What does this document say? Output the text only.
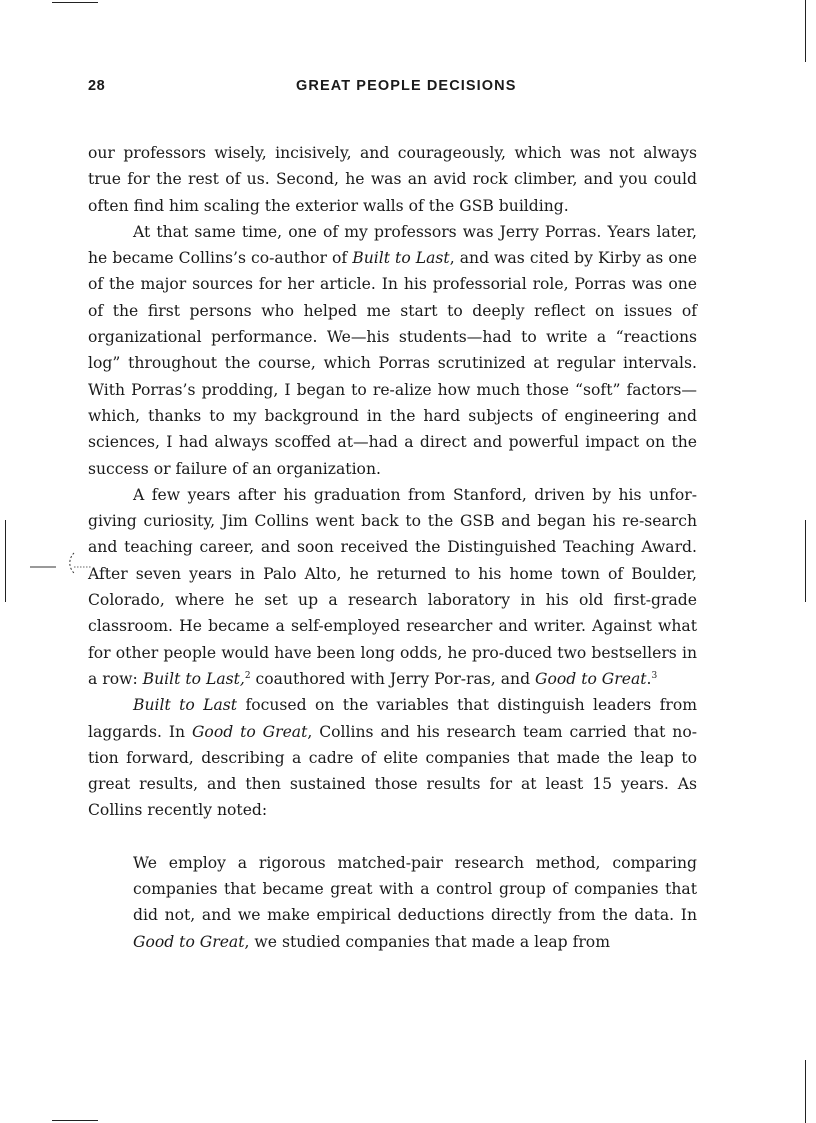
28	GREAT PEOPLE DECISIONS

our professors wisely, incisively, and courageously, which was not always true for the rest of us. Second, he was an avid rock climber, and you could often find him scaling the exterior walls of the GSB building.

At that same time, one of my professors was Jerry Porras. Years later, he became Collins’s co-author of Built to Last, and was cited by Kirby as one of the major sources for her article. In his professorial role, Porras was one of the first persons who helped me start to deeply reflect on issues of organizational performance. We—his students—had to write a “reactions log” throughout the course, which Porras scrutinized at regular intervals. With Porras’s prodding, I began to re-alize how much those “soft” factors—which, thanks to my background in the hard subjects of engineering and sciences, I had always scoffed at—had a direct and powerful impact on the success or failure of an organization.

A few years after his graduation from Stanford, driven by his unfor-giving curiosity, Jim Collins went back to the GSB and began his re-search and teaching career, and soon received the Distinguished Teaching Award. After seven years in Palo Alto, he returned to his home town of Boulder, Colorado, where he set up a research laboratory in his old first-grade classroom. He became a self-employed researcher and writer. Against what for other people would have been long odds, he pro-duced two bestsellers in a row: Built to Last,$^2$ coauthored with Jerry Por-ras, and Good to Great.$^3$

Built to Last focused on the variables that distinguish leaders from laggards. In Good to Great, Collins and his research team carried that no-tion forward, describing a cadre of elite companies that made the leap to great results, and then sustained those results for at least 15 years. As Collins recently noted:

We employ a rigorous matched-pair research method, comparing companies that became great with a control group of companies that did not, and we make empirical deductions directly from the data. In Good to Great, we studied companies that made a leap from
